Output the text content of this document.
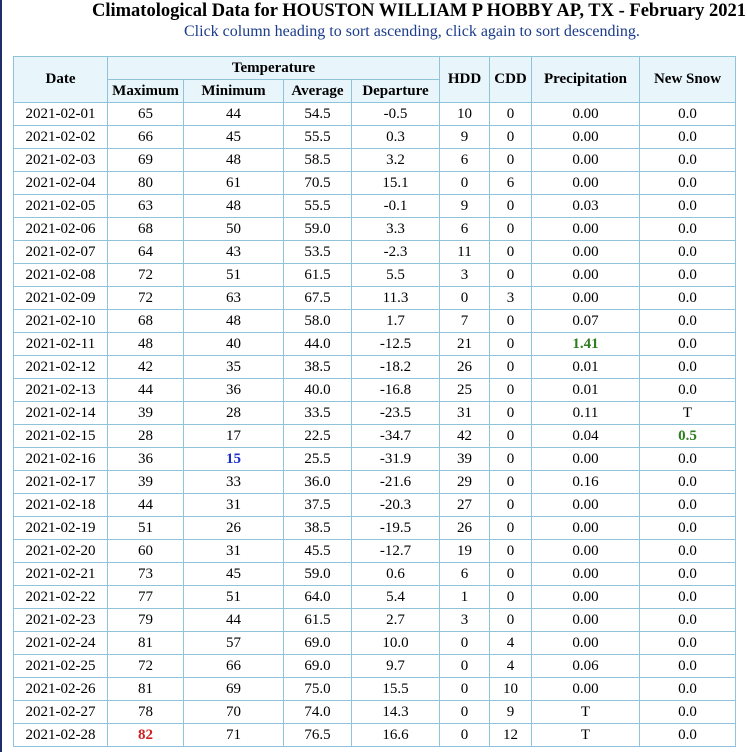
Climatological Data for HOUSTON WILLIAM P HOBBY AP, TX - February 2021
Click column heading to sort ascending, click again to sort descending.
Date	Temperature				HDD	CDD	Precipitation	New Snow
	Maximum	Minimum	Average	Departure				
2021-02-01	65	44	54.5	-0.5	10	0	0.00	0.0
2021-02-02	66	45	55.5	0.3	9	0	0.00	0.0
2021-02-03	69	48	58.5	3.2	6	0	0.00	0.0
2021-02-04	80	61	70.5	15.1	0	6	0.00	0.0
2021-02-05	63	48	55.5	-0.1	9	0	0.03	0.0
2021-02-06	68	50	59.0	3.3	6	0	0.00	0.0
2021-02-07	64	43	53.5	-2.3	11	0	0.00	0.0
2021-02-08	72	51	61.5	5.5	3	0	0.00	0.0
2021-02-09	72	63	67.5	11.3	0	3	0.00	0.0
2021-02-10	68	48	58.0	1.7	7	0	0.07	0.0
2021-02-11	48	40	44.0	-12.5	21	0	1.41	0.0
2021-02-12	42	35	38.5	-18.2	26	0	0.01	0.0
2021-02-13	44	36	40.0	-16.8	25	0	0.01	0.0
2021-02-14	39	28	33.5	-23.5	31	0	0.11	T
2021-02-15	28	17	22.5	-34.7	42	0	0.04	0.5
2021-02-16	36	15	25.5	-31.9	39	0	0.00	0.0
2021-02-17	39	33	36.0	-21.6	29	0	0.16	0.0
2021-02-18	44	31	37.5	-20.3	27	0	0.00	0.0
2021-02-19	51	26	38.5	-19.5	26	0	0.00	0.0
2021-02-20	60	31	45.5	-12.7	19	0	0.00	0.0
2021-02-21	73	45	59.0	0.6	6	0	0.00	0.0
2021-02-22	77	51	64.0	5.4	1	0	0.00	0.0
2021-02-23	79	44	61.5	2.7	3	0	0.00	0.0
2021-02-24	81	57	69.0	10.0	0	4	0.00	0.0
2021-02-25	72	66	69.0	9.7	0	4	0.06	0.0
2021-02-26	81	69	75.0	15.5	0	10	0.00	0.0
2021-02-27	78	70	74.0	14.3	0	9	T	0.0
2021-02-28	82	71	76.5	16.6	0	12	T	0.0
